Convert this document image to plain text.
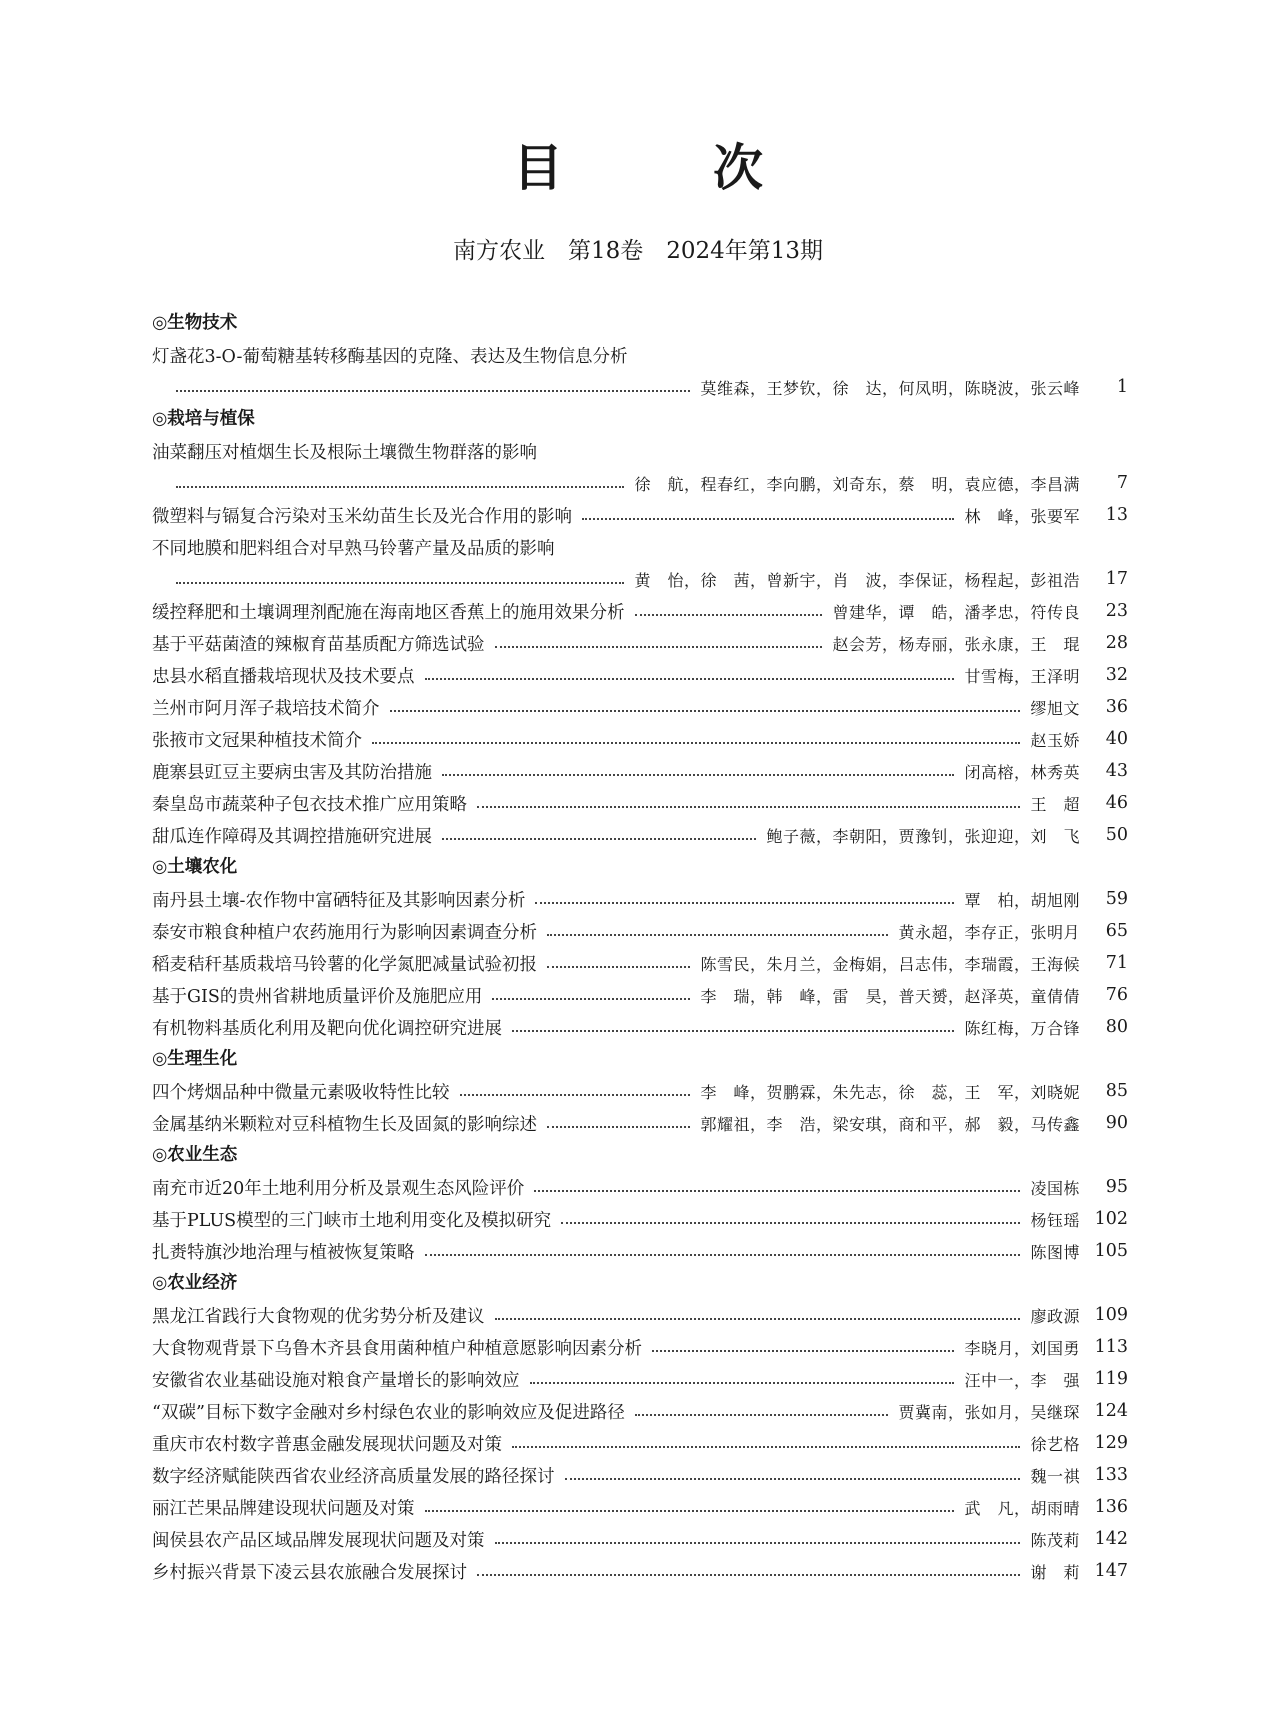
目　次
南方农业　第18卷　2024年第13期
◎生物技术
灯盏花3-O-葡萄糖基转移酶基因的克隆、表达及生物信息分析
莫维森，王梦钦，徐　达，何凤明，陈晓波，张云峰	1
◎栽培与植保
油菜翻压对植烟生长及根际土壤微生物群落的影响
徐　航，程春红，李向鹏，刘奇东，蔡　明，袁应德，李昌满	7
微塑料与镉复合污染对玉米幼苗生长及光合作用的影响	林　峰，张要军	13
不同地膜和肥料组合对早熟马铃薯产量及品质的影响
黄　怡，徐　茜，曾新宇，肖　波，李保证，杨程起，彭祖浩	17
缓控释肥和土壤调理剂配施在海南地区香蕉上的施用效果分析	曾建华，谭　皓，潘孝忠，符传良	23
基于平菇菌渣的辣椒育苗基质配方筛选试验	赵会芳，杨寿丽，张永康，王　琨	28
忠县水稻直播栽培现状及技术要点	甘雪梅，王泽明	32
兰州市阿月浑子栽培技术简介	缪旭文	36
张掖市文冠果种植技术简介	赵玉娇	40
鹿寨县豇豆主要病虫害及其防治措施	闭高榕，林秀英	43
秦皇岛市蔬菜种子包衣技术推广应用策略	王　超	46
甜瓜连作障碍及其调控措施研究进展	鲍子薇，李朝阳，贾豫钊，张迎迎，刘　飞	50
◎土壤农化
南丹县土壤-农作物中富硒特征及其影响因素分析	覃　柏，胡旭刚	59
泰安市粮食种植户农药施用行为影响因素调查分析	黄永超，李存正，张明月	65
稻麦秸秆基质栽培马铃薯的化学氮肥减量试验初报	陈雪民，朱月兰，金梅娟，吕志伟，李瑞霞，王海候	71
基于GIS的贵州省耕地质量评价及施肥应用	李　瑞，韩　峰，雷　昊，普天赟，赵泽英，童倩倩	76
有机物料基质化利用及靶向优化调控研究进展	陈红梅，万合锋	80
◎生理生化
四个烤烟品种中微量元素吸收特性比较	李　峰，贺鹏霖，朱先志，徐　蕊，王　军，刘晓妮	85
金属基纳米颗粒对豆科植物生长及固氮的影响综述	郭耀祖，李　浩，梁安琪，商和平，郝　毅，马传鑫	90
◎农业生态
南充市近20年土地利用分析及景观生态风险评价	凌国栋	95
基于PLUS模型的三门峡市土地利用变化及模拟研究	杨钰瑶 102
扎赉特旗沙地治理与植被恢复策略	陈图博 105
◎农业经济
黑龙江省践行大食物观的优劣势分析及建议	廖政源 109
大食物观背景下乌鲁木齐县食用菌种植户种植意愿影响因素分析	李晓月，刘国勇 113
安徽省农业基础设施对粮食产量增长的影响效应	汪中一，李　强 119
“双碳”目标下数字金融对乡村绿色农业的影响效应及促进路径	贾冀南，张如月，吴继琛 124
重庆市农村数字普惠金融发展现状问题及对策	徐艺格 129
数字经济赋能陕西省农业经济高质量发展的路径探讨	魏一祺 133
丽江芒果品牌建设现状问题及对策	武　凡，胡雨晴 136
闽侯县农产品区域品牌发展现状问题及对策	陈茂莉 142
乡村振兴背景下凌云县农旅融合发展探讨	谢　莉 147
